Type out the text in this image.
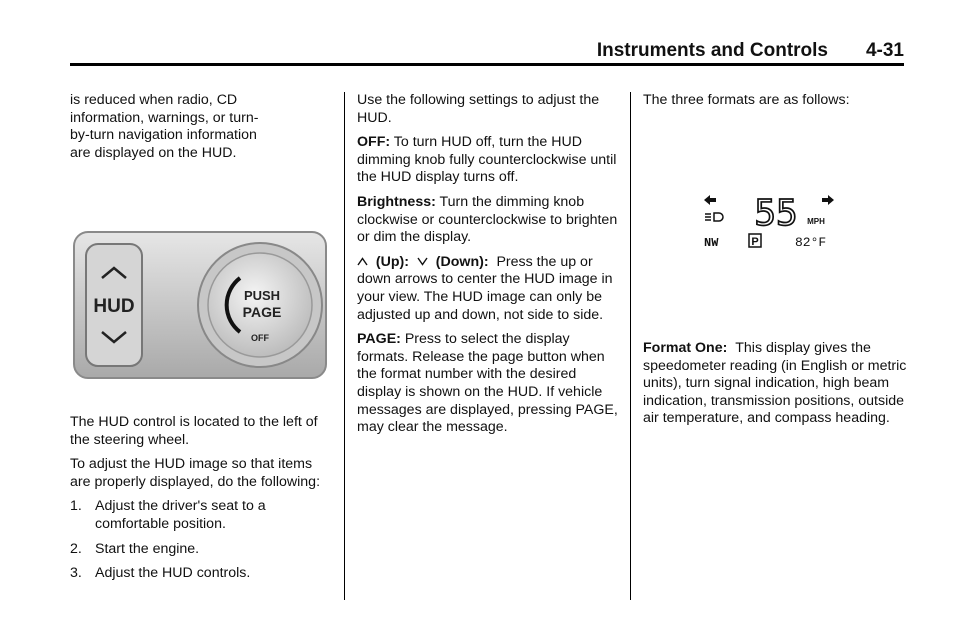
Instruments and Controls 4-31

is reduced when radio, CD information, warnings, or turn-by-turn navigation information are displayed on the HUD.

HUD
PUSH
PAGE
OFF

The HUD control is located to the left of the steering wheel.

To adjust the HUD image so that items are properly displayed, do the following:

1. Adjust the driver's seat to a comfortable position.
2. Start the engine.
3. Adjust the HUD controls.

Use the following settings to adjust the HUD.

OFF: To turn HUD off, turn the HUD dimming knob fully counterclockwise until the HUD display turns off.

Brightness: Turn the dimming knob clockwise or counterclockwise to brighten or dim the display.

(Up): (Down): Press the up or down arrows to center the HUD image in your view. The HUD image can only be adjusted up and down, not side to side.

PAGE: Press to select the display formats. Release the page button when the format number with the desired display is shown on the HUD. If vehicle messages are displayed, pressing PAGE, may clear the message.

The three formats are as follows:

55 MPH
NW	P	82°F

Format One: This display gives the speedometer reading (in English or metric units), turn signal indication, high beam indication, transmission positions, outside air temperature, and compass heading.
